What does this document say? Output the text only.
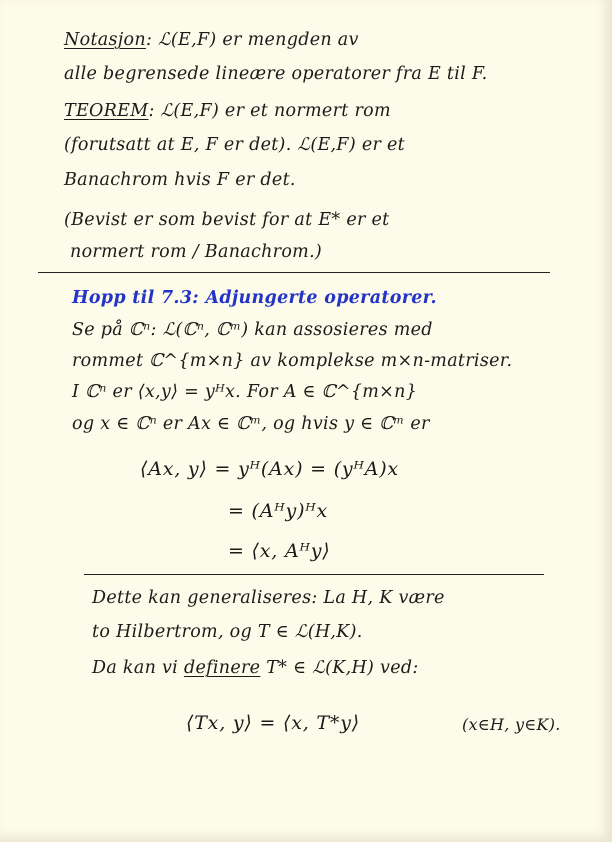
Notasjon: ℒ(E,F) er mengden av
alle begrensede lineære operatorer fra E til F.
TEOREM: ℒ(E,F) er et normert rom
(forutsatt at E, F er det). ℒ(E,F) er et
Banachrom hvis F er det.
(Bevist er som bevist for at E* er et
normert rom / Banachrom.)
Hopp til 7.3: Adjungerte operatorer.
Se på ℂⁿ: ℒ(ℂⁿ, ℂᵐ) kan assosieres med
rommet ℂ^{m×n} av komplekse m×n-matriser.
I ℂⁿ er ⟨x,y⟩ = yᴴx. For A ∈ ℂ^{m×n}
og x ∈ ℂⁿ er Ax ∈ ℂᵐ, og hvis y ∈ ℂᵐ er
⟨Ax, y⟩ = yᴴ(Ax) = (yᴴA)x
= (Aᴴy)ᴴx
= ⟨x, Aᴴy⟩
Dette kan generaliseres: La H, K være
to Hilbertrom, og T ∈ ℒ(H,K).
Da kan vi definere T* ∈ ℒ(K,H) ved:
⟨Tx, y⟩ = ⟨x, T*y⟩	(x∈H, y∈K).
